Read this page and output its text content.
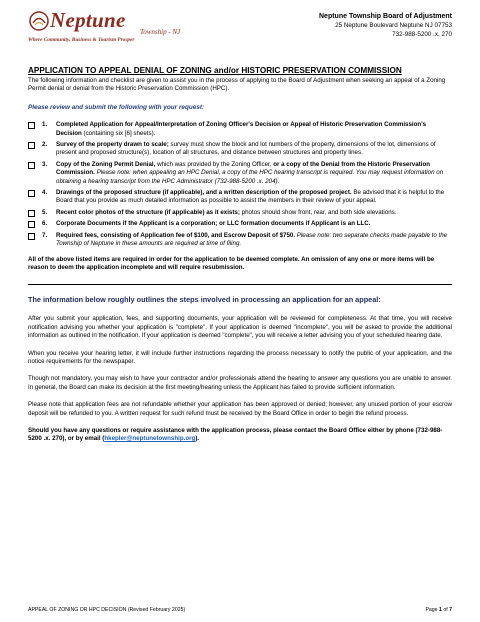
Neptune Township - NJ
Where Community, Business & Tourism Prosper
Neptune Township Board of Adjustment
25 Neptune Boulevard Neptune NJ 07753
732-988-5200 .x. 270
APPLICATION TO APPEAL DENIAL OF ZONING and/or HISTORIC PRESERVATION COMMISSION

The following information and checklist are given to assist you in the process of applying to the Board of Adjustment when seeking an appeal of a Zoning Permit denial or denial from the Historic Preservation Commission (HPC).

Please review and submit the following with your request:

1. Completed Application for Appeal/Interpretation of Zoning Officer's Decision or Appeal of Historic Preservation Commission's Decision (containing six [6] sheets).
2. Survey of the property drawn to scale; survey must show the block and lot numbers of the property, dimensions of the lot, dimensions of present and proposed structure(s), location of all structures, and distance between structures and property lines.
3. Copy of the Zoning Permit Denial, which was provided by the Zoning Officer, or a copy of the Denial from the Historic Preservation Commission. Please note: when appealing an HPC Denial, a copy of the HPC hearing transcript is required. You may request information on obtaining a hearing transcript from the HPC Administrator (732-988-5200 .x. 204).
4. Drawings of the proposed structure (if applicable), and a written description of the proposed project. Be advised that it is helpful to the Board that you provide as much detailed information as possible to assist the members in their review of your appeal.
5. Recent color photos of the structure (if applicable) as it exists; photos should show front, rear, and both side elevations.
6. Corporate Documents if the Applicant is a corporation; or LLC formation documents if Applicant is an LLC.
7. Required fees, consisting of Application fee of $100, and Escrow Deposit of $750. Please note: two separate checks made payable to the Township of Neptune in these amounts are required at time of filing.

All of the above listed items are required in order for the application to be deemed complete. An omission of any one or more items will be reason to deem the application incomplete and will require resubmission.

The information below roughly outlines the steps involved in processing an application for an appeal:

After you submit your application, fees, and supporting documents, your application will be reviewed for completeness. At that time, you will receive notification advising you whether your application is "complete". If your application is deemed "incomplete", you will be asked to provide the additional information as outlined in the notification. If your application is deemed "complete", you will receive a letter advising you of your scheduled hearing date.

When you receive your hearing letter, it will include further instructions regarding the process necessary to notify the public of your application, and the notice requirements for the newspaper.

Though not mandatory, you may wish to have your contractor and/or professionals attend the hearing to answer any questions you are unable to answer. In general, the Board can make its decision at the first meeting/hearing unless the Applicant has failed to provide sufficient information.

Please note that application fees are not refundable whether your application has been approved or denied; however, any unused portion of your escrow deposit will be refunded to you. A written request for such refund must be received by the Board Office in order to begin the refund process.

Should you have any questions or require assistance with the application process, please contact the Board Office either by phone (732-988-5200 .x. 270), or by email (hkepler@neptunetownship.org).

APPEAL OF ZONING OR HPC DECISION (Revised February 2025)	Page 1 of 7
